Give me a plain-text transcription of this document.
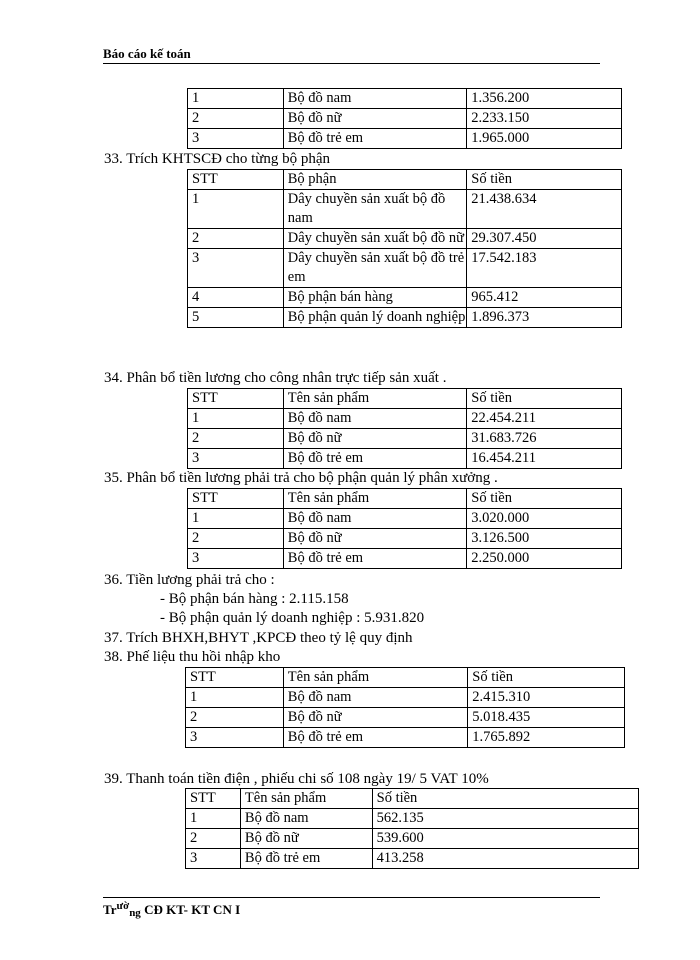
Báo cáo kế toán
1	Bộ đồ nam	1.356.200
2	Bộ đồ nữ	2.233.150
3	Bộ đồ trẻ em	1.965.000
33. Trích KHTSCĐ cho từng bộ phận
STT	Bộ phận	Số tiền
1	Dây chuyền sản xuất bộ đồ nam	21.438.634
2	Dây chuyền sản xuất bộ đồ nữ	29.307.450
3	Dây chuyền sản xuất bộ đồ trẻ em	17.542.183
4	Bộ phận bán hàng	965.412
5	Bộ phận quản lý doanh nghiệp	1.896.373
34. Phân bổ tiền lương cho công nhân trực tiếp sản xuất .
STT	Tên sản phẩm	Số tiền
1	Bộ đồ nam	22.454.211
2	Bộ đồ nữ	31.683.726
3	Bộ đồ trẻ em	16.454.211
35. Phân bổ tiền lương phải trả cho bộ phận quản lý phân xưởng .
STT	Tên sản phẩm	Số tiền
1	Bộ đồ nam	3.020.000
2	Bộ đồ nữ	3.126.500
3	Bộ đồ trẻ em	2.250.000
36. Tiền lương phải trả cho :
- Bộ phận bán hàng : 2.115.158
- Bộ phận quản lý doanh nghiệp : 5.931.820
37. Trích BHXH,BHYT ,KPCĐ theo tỷ lệ quy định
38. Phế liệu thu hồi nhập kho
STT	Tên sản phẩm	Số tiền
1	Bộ đồ nam	2.415.310
2	Bộ đồ nữ	5.018.435
3	Bộ đồ trẻ em	1.765.892
39. Thanh toán tiền điện , phiếu chi số 108 ngày 19/ 5 VAT 10%
STT	Tên sản phẩm	Số tiền
1	Bộ đồ nam	562.135
2	Bộ đồ nữ	539.600
3	Bộ đồ trẻ em	413.258
$Tr^{ườ}ng$ CĐ KT- KT CN I
